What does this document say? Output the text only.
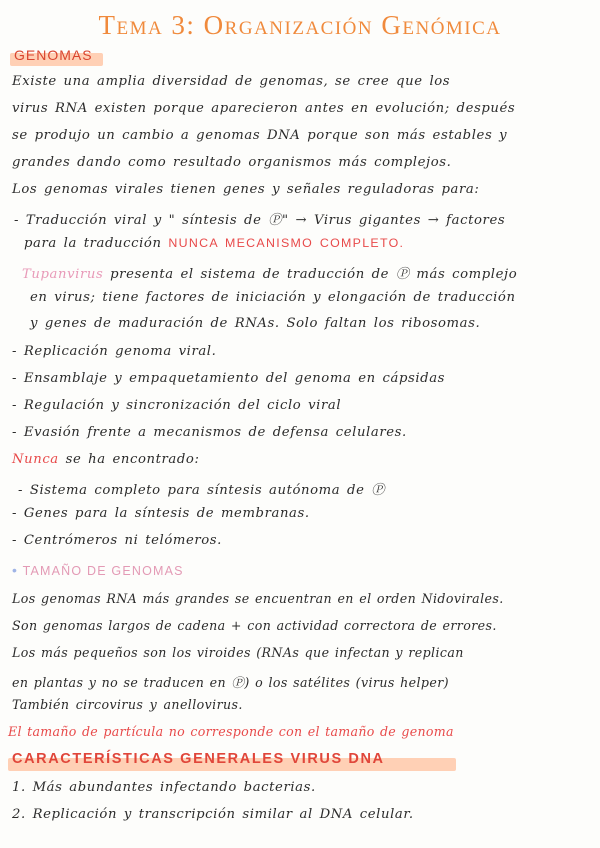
Tema 3: Organización Genómica
GENOMAS
Existe una amplia diversidad de genomas, se cree que los
virus RNA existen porque aparecieron antes en evolución; después
se produjo un cambio a genomas DNA porque son más estables y
grandes dando como resultado organismos más complejos.
Los genomas virales tienen genes y señales reguladoras para:
- Traducción viral y " síntesis de Ⓟ" → Virus gigantes → factores
para la traducción NUNCA MECANISMO COMPLETO.
Tupanvirus presenta el sistema de traducción de Ⓟ más complejo
en virus; tiene factores de iniciación y elongación de traducción
y genes de maduración de RNAs. Solo faltan los ribosomas.
- Replicación genoma viral.
- Ensamblaje y empaquetamiento del genoma en cápsidas
- Regulación y sincronización del ciclo viral
- Evasión frente a mecanismos de defensa celulares.
Nunca se ha encontrado:
- Sistema completo para síntesis autónoma de Ⓟ
- Genes para la síntesis de membranas.
- Centrómeros ni telómeros.
• TAMAÑO DE GENOMAS
Los genomas RNA más grandes se encuentran en el orden Nidovirales.
Son genomas largos de cadena + con actividad correctora de errores.
Los más pequeños son los viroides (RNAs que infectan y replican
en plantas y no se traducen en Ⓟ) o los satélites (virus helper)
También circovirus y anellovirus.
El tamaño de partícula no corresponde con el tamaño de genoma
CARACTERÍSTICAS GENERALES VIRUS DNA
1. Más abundantes infectando bacterias.
2. Replicación y transcripción similar al DNA celular.
